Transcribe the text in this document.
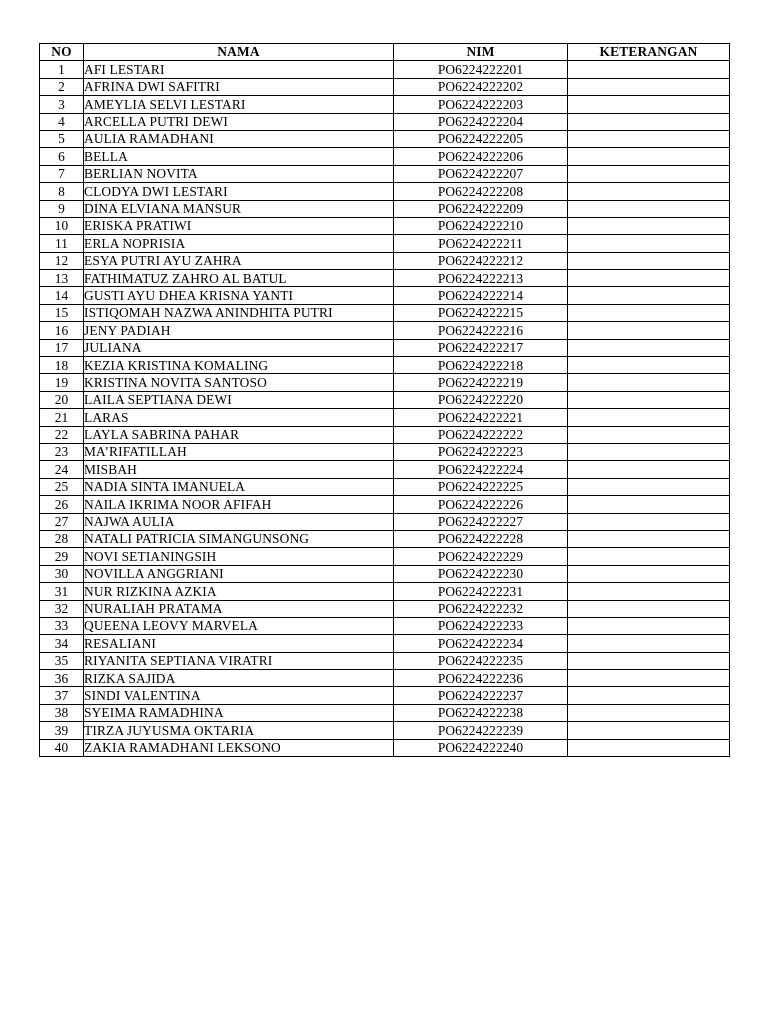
NO	NAMA	NIM	KETERANGAN
1	AFI LESTARI	PO6224222201	
2	AFRINA DWI SAFITRI	PO6224222202	
3	AMEYLIA SELVI LESTARI	PO6224222203	
4	ARCELLA PUTRI DEWI	PO6224222204	
5	AULIA RAMADHANI	PO6224222205	
6	BELLA	PO6224222206	
7	BERLIAN NOVITA	PO6224222207	
8	CLODYA DWI LESTARI	PO6224222208	
9	DINA ELVIANA MANSUR	PO6224222209	
10	ERISKA PRATIWI	PO6224222210	
11	ERLA NOPRISIA	PO6224222211	
12	ESYA PUTRI AYU ZAHRA	PO6224222212	
13	FATHIMATUZ ZAHRO AL BATUL	PO6224222213	
14	GUSTI AYU DHEA KRISNA YANTI	PO6224222214	
15	ISTIQOMAH NAZWA ANINDHITA PUTRI	PO6224222215	
16	JENY PADIAH	PO6224222216	
17	JULIANA	PO6224222217	
18	KEZIA KRISTINA KOMALING	PO6224222218	
19	KRISTINA NOVITA SANTOSO	PO6224222219	
20	LAILA SEPTIANA DEWI	PO6224222220	
21	LARAS	PO6224222221	
22	LAYLA SABRINA PAHAR	PO6224222222	
23	MA’RIFATILLAH	PO6224222223	
24	MISBAH	PO6224222224	
25	NADIA SINTA IMANUELA	PO6224222225	
26	NAILA IKRIMA NOOR AFIFAH	PO6224222226	
27	NAJWA AULIA	PO6224222227	
28	NATALI PATRICIA SIMANGUNSONG	PO6224222228	
29	NOVI SETIANINGSIH	PO6224222229	
30	NOVILLA ANGGRIANI	PO6224222230	
31	NUR RIZKINA AZKIA	PO6224222231	
32	NURALIAH PRATAMA	PO6224222232	
33	QUEENA LEOVY MARVELA	PO6224222233	
34	RESALIANI	PO6224222234	
35	RIYANITA SEPTIANA VIRATRI	PO6224222235	
36	RIZKA SAJIDA	PO6224222236	
37	SINDI VALENTINA	PO6224222237	
38	SYEIMA RAMADHINA	PO6224222238	
39	TIRZA JUYUSMA OKTARIA	PO6224222239	
40	ZAKIA RAMADHANI LEKSONO	PO6224222240	
